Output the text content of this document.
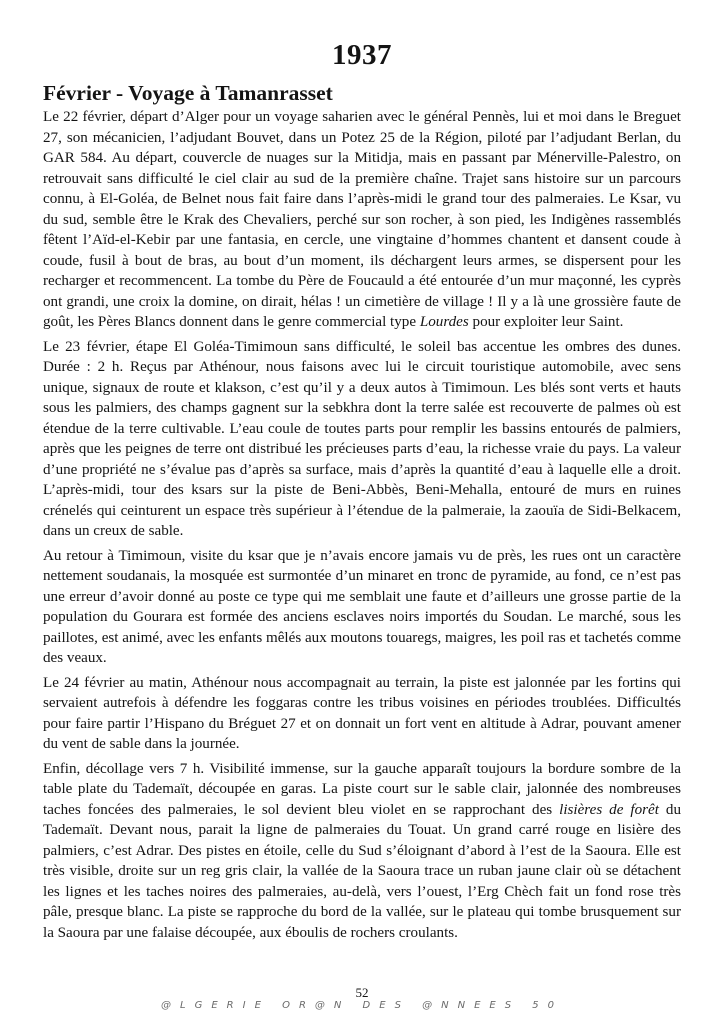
1937
Février - Voyage à Tamanrasset

Le 22 février, départ d’Alger pour un voyage saharien avec le général Pennès, lui et moi dans le Breguet 27, son mécanicien, l’adjudant Bouvet, dans un Potez 25 de la Région, piloté par l’adjudant Berlan, du GAR 584. Au départ, couvercle de nuages sur la Mitidja, mais en passant par Ménerville-Palestro, on retrouvait sans difficulté le ciel clair au sud de la première chaîne. Trajet sans histoire sur un parcours connu, à El-Goléa, de Belnet nous fait faire dans l’après-midi le grand tour des palmeraies. Le Ksar, vu du sud, semble être le Krak des Chevaliers, perché sur son rocher, à son pied, les Indigènes rassemblés fêtent l’Aïd-el-Kebir par une fantasia, en cercle, une vingtaine d’hommes chantent et dansent coude à coude, fusil à bout de bras, au bout d’un moment, ils déchargent leurs armes, se dispersent pour les recharger et recommencent. La tombe du Père de Foucauld a été entourée d’un mur maçonné, les cyprès ont grandi, une croix la domine, on dirait, hélas ! un cimetière de village ! Il y a là une grossière faute de goût, les Pères Blancs donnent dans le genre commercial type Lourdes pour exploiter leur Saint.

Le 23 février, étape El Goléa-Timimoun sans difficulté, le soleil bas accentue les ombres des dunes. Durée : 2 h. Reçus par Athénour, nous faisons avec lui le circuit touristique automobile, avec sens unique, signaux de route et klakson, c’est qu’il y a deux autos à Timimoun. Les blés sont verts et hauts sous les palmiers, des champs gagnent sur la sebkhra dont la terre salée est recouverte de palmes où est étendue de la terre cultivable. L’eau coule de toutes parts pour remplir les bassins entourés de palmiers, après que les peignes de terre ont distribué les précieuses parts d’eau, la richesse vraie du pays. La valeur d’une propriété ne s’évalue pas d’après sa surface, mais d’après la quantité d’eau à laquelle elle a droit. L’après-midi, tour des ksars sur la piste de Beni-Abbès, Beni-Mehalla, entouré de murs en ruines crénelés qui ceinturent un espace très supérieur à l’étendue de la palmeraie, la zaouïa de Sidi-Belkacem, dans un creux de sable.

Au retour à Timimoun, visite du ksar que je n’avais encore jamais vu de près, les rues ont un caractère nettement soudanais, la mosquée est surmontée d’un minaret en tronc de pyramide, au fond, ce n’est pas une erreur d’avoir donné au poste ce type qui me semblait une faute et d’ailleurs une grosse partie de la population du Gourara est formée des anciens esclaves noirs importés du Soudan. Le marché, sous les paillotes, est animé, avec les enfants mêlés aux moutons touaregs, maigres, les poil ras et tachetés comme des veaux.

Le 24 février au matin, Athénour nous accompagnait au terrain, la piste est jalonnée par les fortins qui servaient autrefois à défendre les foggaras contre les tribus voisines en périodes troublées. Difficultés pour faire partir l’Hispano du Bréguet 27 et on donnait un fort vent en altitude à Adrar, pouvant amener du vent de sable dans la journée.

Enfin, décollage vers 7 h. Visibilité immense, sur la gauche apparaît toujours la bordure sombre de la table plate du Tademaït, découpée en garas. La piste court sur le sable clair, jalonnée des nombreuses taches foncées des palmeraies, le sol devient bleu violet en se rapprochant des lisières de forêt du Tademaït. Devant nous, parait la ligne de palmeraies du Touat. Un grand carré rouge en lisière des palmiers, c’est Adrar. Des pistes en étoile, celle du Sud s’éloignant d’abord à l’est de la Saoura. Elle est très visible, droite sur un reg gris clair, la vallée de la Saoura trace un ruban jaune clair où se détachent les lignes et les taches noires des palmeraies, au-delà, vers l’ouest, l’Erg Chèch fait un fond rose très pâle, presque blanc. La piste se rapproche du bord de la vallée, sur le plateau qui tombe brusquement sur la Saoura par une falaise découpée, aux éboulis de rochers croulants.

52
@LGERIE OR@N DES @NNEES 50
